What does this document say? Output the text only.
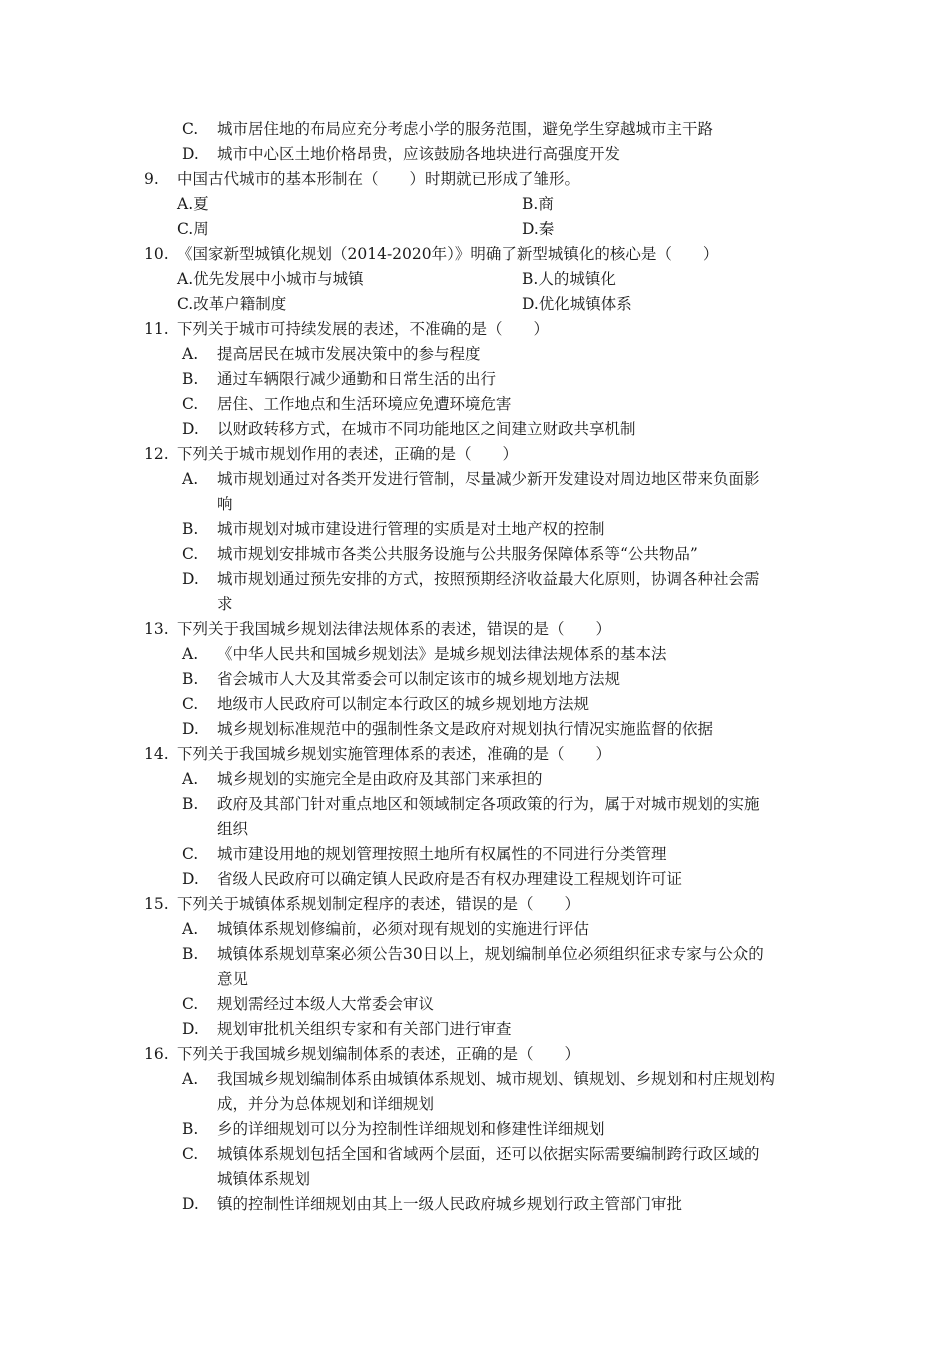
C.	城市居住地的布局应充分考虑小学的服务范围，避免学生穿越城市主干路
D.	城市中心区土地价格昂贵，应该鼓励各地块进行高强度开发
9. 中国古代城市的基本形制在（　　）时期就已形成了雏形。
A.夏	B.商
C.周	D.秦
10. 《国家新型城镇化规划（2014-2020年）》明确了新型城镇化的核心是（　　）
A.优先发展中小城市与城镇	B.人的城镇化
C.改革户籍制度	D.优化城镇体系
11. 下列关于城市可持续发展的表述，不准确的是（　　）
A.	提高居民在城市发展决策中的参与程度
B.	通过车辆限行减少通勤和日常生活的出行
C.	居住、工作地点和生活环境应免遭环境危害
D.	以财政转移方式，在城市不同功能地区之间建立财政共享机制
12. 下列关于城市规划作用的表述，正确的是（　　）
A.	城市规划通过对各类开发进行管制，尽量减少新开发建设对周边地区带来负面影
响
B.	城市规划对城市建设进行管理的实质是对土地产权的控制
C.	城市规划安排城市各类公共服务设施与公共服务保障体系等“公共物品”
D.	城市规划通过预先安排的方式，按照预期经济收益最大化原则，协调各种社会需
求
13. 下列关于我国城乡规划法律法规体系的表述，错误的是（　　）
A.	《中华人民共和国城乡规划法》是城乡规划法律法规体系的基本法
B.	省会城市人大及其常委会可以制定该市的城乡规划地方法规
C.	地级市人民政府可以制定本行政区的城乡规划地方法规
D.	城乡规划标准规范中的强制性条文是政府对规划执行情况实施监督的依据
14. 下列关于我国城乡规划实施管理体系的表述，准确的是（　　）
A.	城乡规划的实施完全是由政府及其部门来承担的
B.	政府及其部门针对重点地区和领域制定各项政策的行为，属于对城市规划的实施
组织
C.	城市建设用地的规划管理按照土地所有权属性的不同进行分类管理
D.	省级人民政府可以确定镇人民政府是否有权办理建设工程规划许可证
15. 下列关于城镇体系规划制定程序的表述，错误的是（　　）
A.	城镇体系规划修编前，必须对现有规划的实施进行评估
B.	城镇体系规划草案必须公告30日以上，规划编制单位必须组织征求专家与公众的
意见
C.	规划需经过本级人大常委会审议
D.	规划审批机关组织专家和有关部门进行审查
16. 下列关于我国城乡规划编制体系的表述，正确的是（　　）
A.	我国城乡规划编制体系由城镇体系规划、城市规划、镇规划、乡规划和村庄规划构
成，并分为总体规划和详细规划
B.	乡的详细规划可以分为控制性详细规划和修建性详细规划
C.	城镇体系规划包括全国和省域两个层面，还可以依据实际需要编制跨行政区域的
城镇体系规划
D.	镇的控制性详细规划由其上一级人民政府城乡规划行政主管部门审批
